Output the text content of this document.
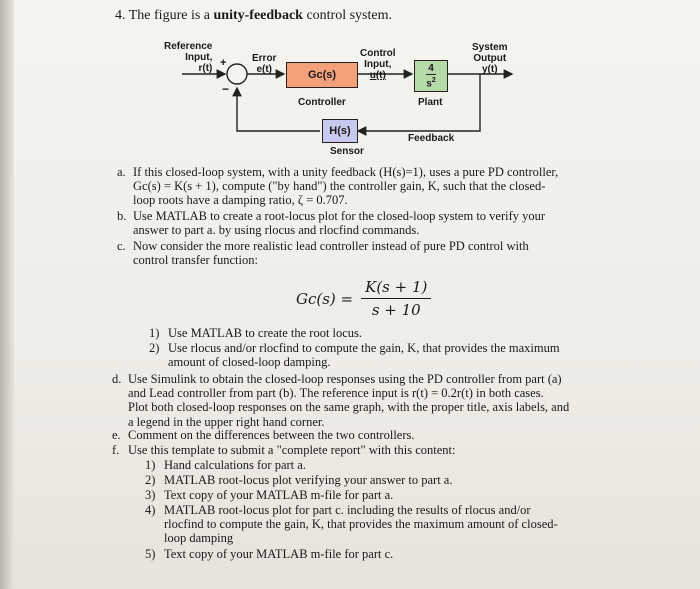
4. The figure is a unity-feedback control system.
Reference
Input,
r(t) +
−
Error
e(t)
Control
Input,
u(t)
System
Output
y(t)
Gc(s)
Controller
$\frac{4}{s^2}$
Plant
H(s)
Sensor
Feedback
a. If this closed-loop system, with a unity feedback (H(s)=1), uses a pure PD controller,
Gc(s) = K(s + 1), compute ("by hand") the controller gain, K, such that the closed-
loop roots have a damping ratio, ζ = 0.707.
b. Use MATLAB to create a root-locus plot for the closed-loop system to verify your
answer to part a. by using rlocus and rlocfind commands.
c. Now consider the more realistic lead controller instead of pure PD control with
control transfer function:
$Gc(s) = \frac{K(s + 1)}{s + 10}$
1) Use MATLAB to create the root locus.
2) Use rlocus and/or rlocfind to compute the gain, K, that provides the maximum
amount of closed-loop damping.
d. Use Simulink to obtain the closed-loop responses using the PD controller from part (a)
and Lead controller from part (b). The reference input is r(t) = 0.2r(t) in both cases.
Plot both closed-loop responses on the same graph, with the proper title, axis labels, and
a legend in the upper right hand corner.
e. Comment on the differences between the two controllers.
f. Use this template to submit a "complete report" with this content:
1) Hand calculations for part a.
2) MATLAB root-locus plot verifying your answer to part a.
3) Text copy of your MATLAB m-file for part a.
4) MATLAB root-locus plot for part c. including the results of rlocus and/or
rlocfind to compute the gain, K, that provides the maximum amount of closed-
loop damping
5) Text copy of your MATLAB m-file for part c.
